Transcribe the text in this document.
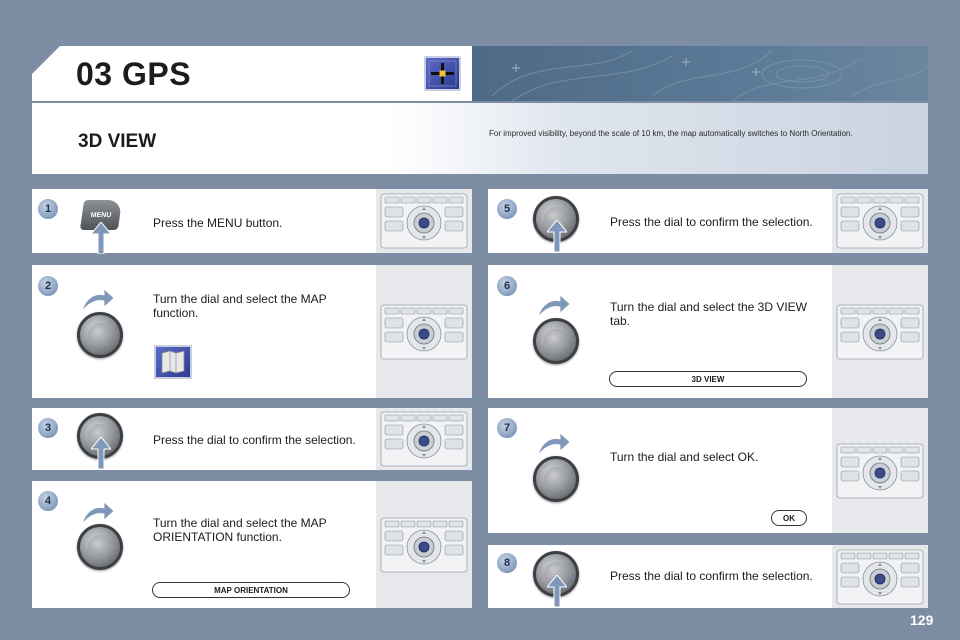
03 GPS
3D VIEW	For improved visibility, beyond the scale of 10 km, the map automatically switches to North Orientation.
1	MENU
Press the MENU button.
2
Turn the dial and select the MAP function.
3
Press the dial to confirm the selection.
4
Turn the dial and select the MAP ORIENTATION function.
MAP ORIENTATION
5
Press the dial to confirm the selection.
6
Turn the dial and select the 3D VIEW tab.
3D VIEW
7
Turn the dial and select OK.
OK
8
Press the dial to confirm the selection.
129
